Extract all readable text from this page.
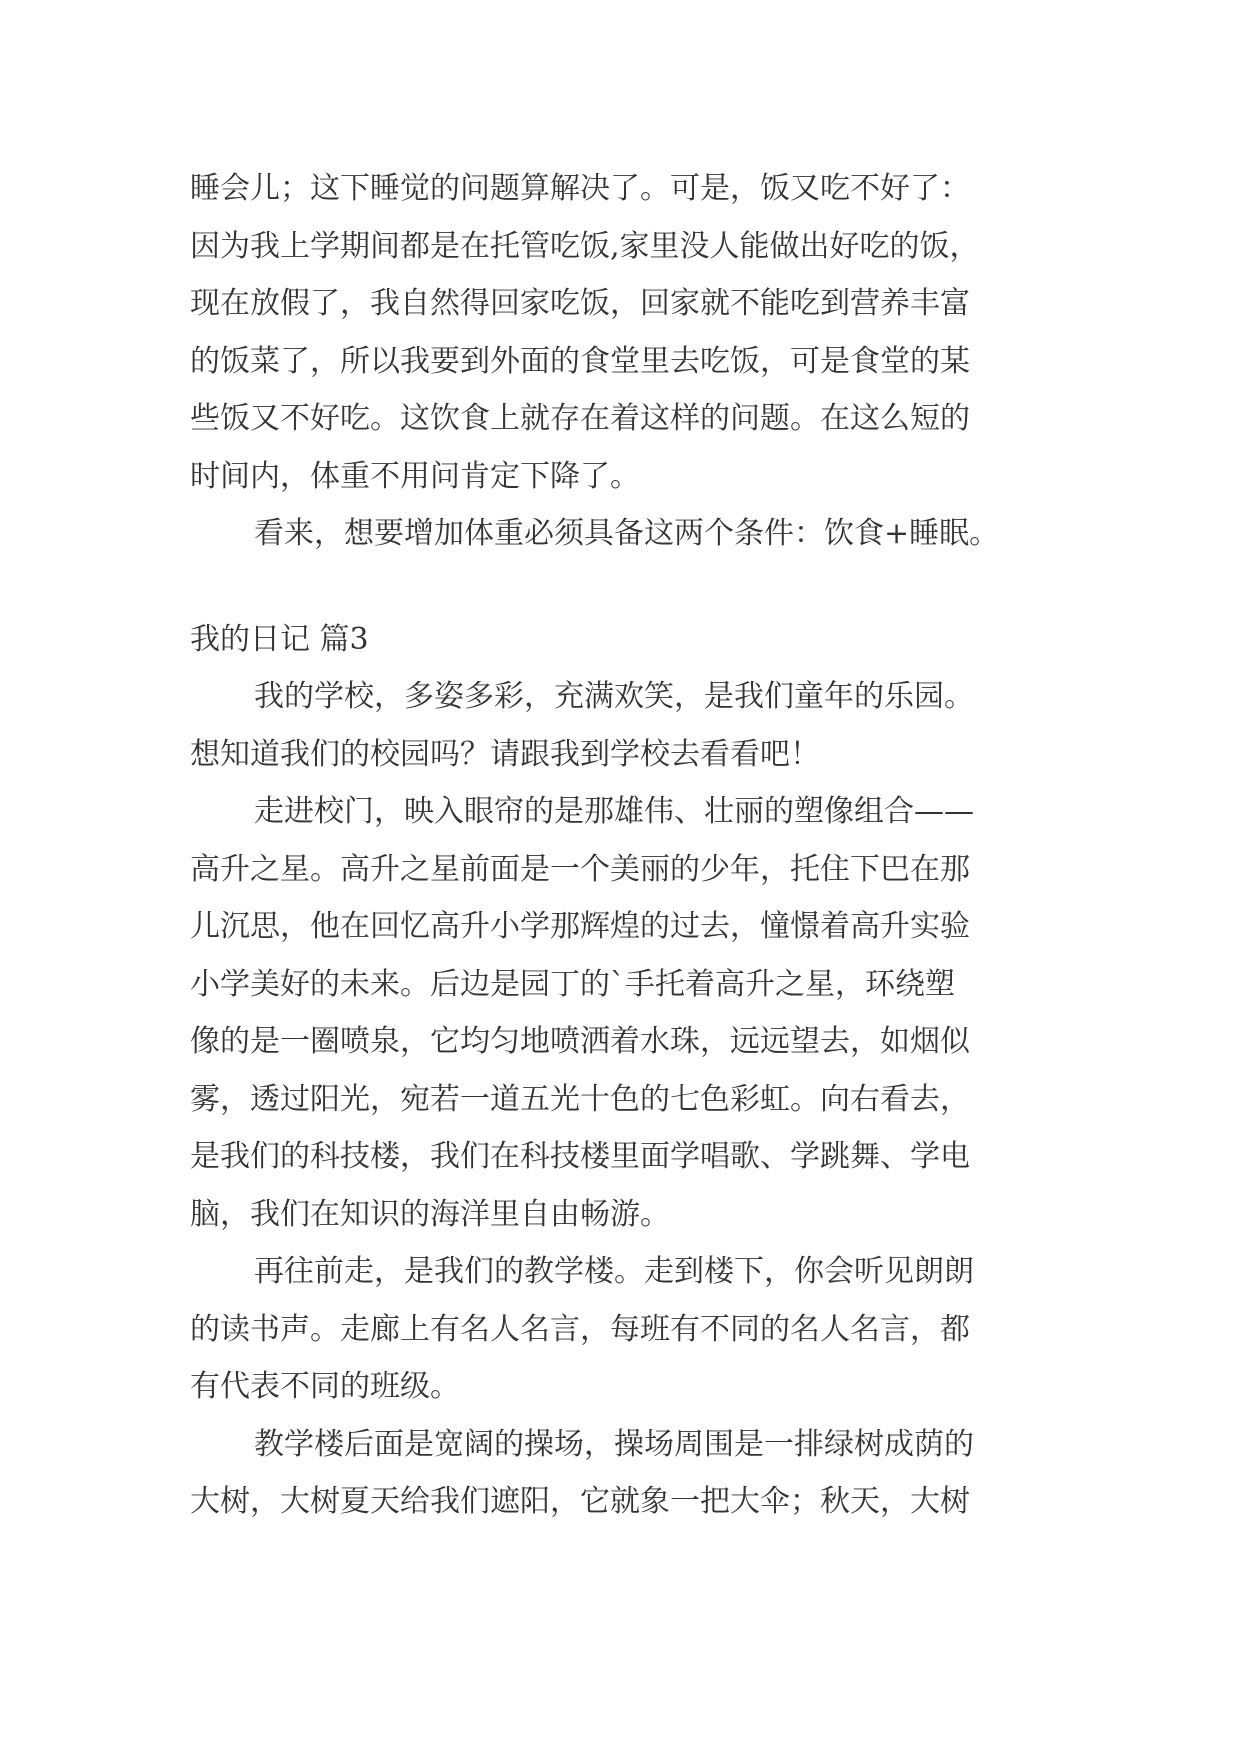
睡会儿；这下睡觉的问题算解决了。可是，饭又吃不好了：
因为我上学期间都是在托管吃饭,家里没人能做出好吃的饭，
现在放假了，我自然得回家吃饭，回家就不能吃到营养丰富
的饭菜了，所以我要到外面的食堂里去吃饭，可是食堂的某
些饭又不好吃。这饮食上就存在着这样的问题。在这么短的
时间内，体重不用问肯定下降了。
看来，想要增加体重必须具备这两个条件：饮食+睡眠。
我的日记 篇3
我的学校，多姿多彩，充满欢笑，是我们童年的乐园。
想知道我们的校园吗？请跟我到学校去看看吧！
走进校门，映入眼帘的是那雄伟、壮丽的塑像组合——
高升之星。高升之星前面是一个美丽的少年，托住下巴在那
儿沉思，他在回忆高升小学那辉煌的过去，憧憬着高升实验
小学美好的未来。后边是园丁的`手托着高升之星，环绕塑
像的是一圈喷泉，它均匀地喷洒着水珠，远远望去，如烟似
雾，透过阳光，宛若一道五光十色的七色彩虹。向右看去，
是我们的科技楼，我们在科技楼里面学唱歌、学跳舞、学电
脑，我们在知识的海洋里自由畅游。
再往前走，是我们的教学楼。走到楼下，你会听见朗朗
的读书声。走廊上有名人名言，每班有不同的名人名言，都
有代表不同的班级。
教学楼后面是宽阔的操场，操场周围是一排绿树成荫的
大树，大树夏天给我们遮阳，它就象一把大伞；秋天，大树
